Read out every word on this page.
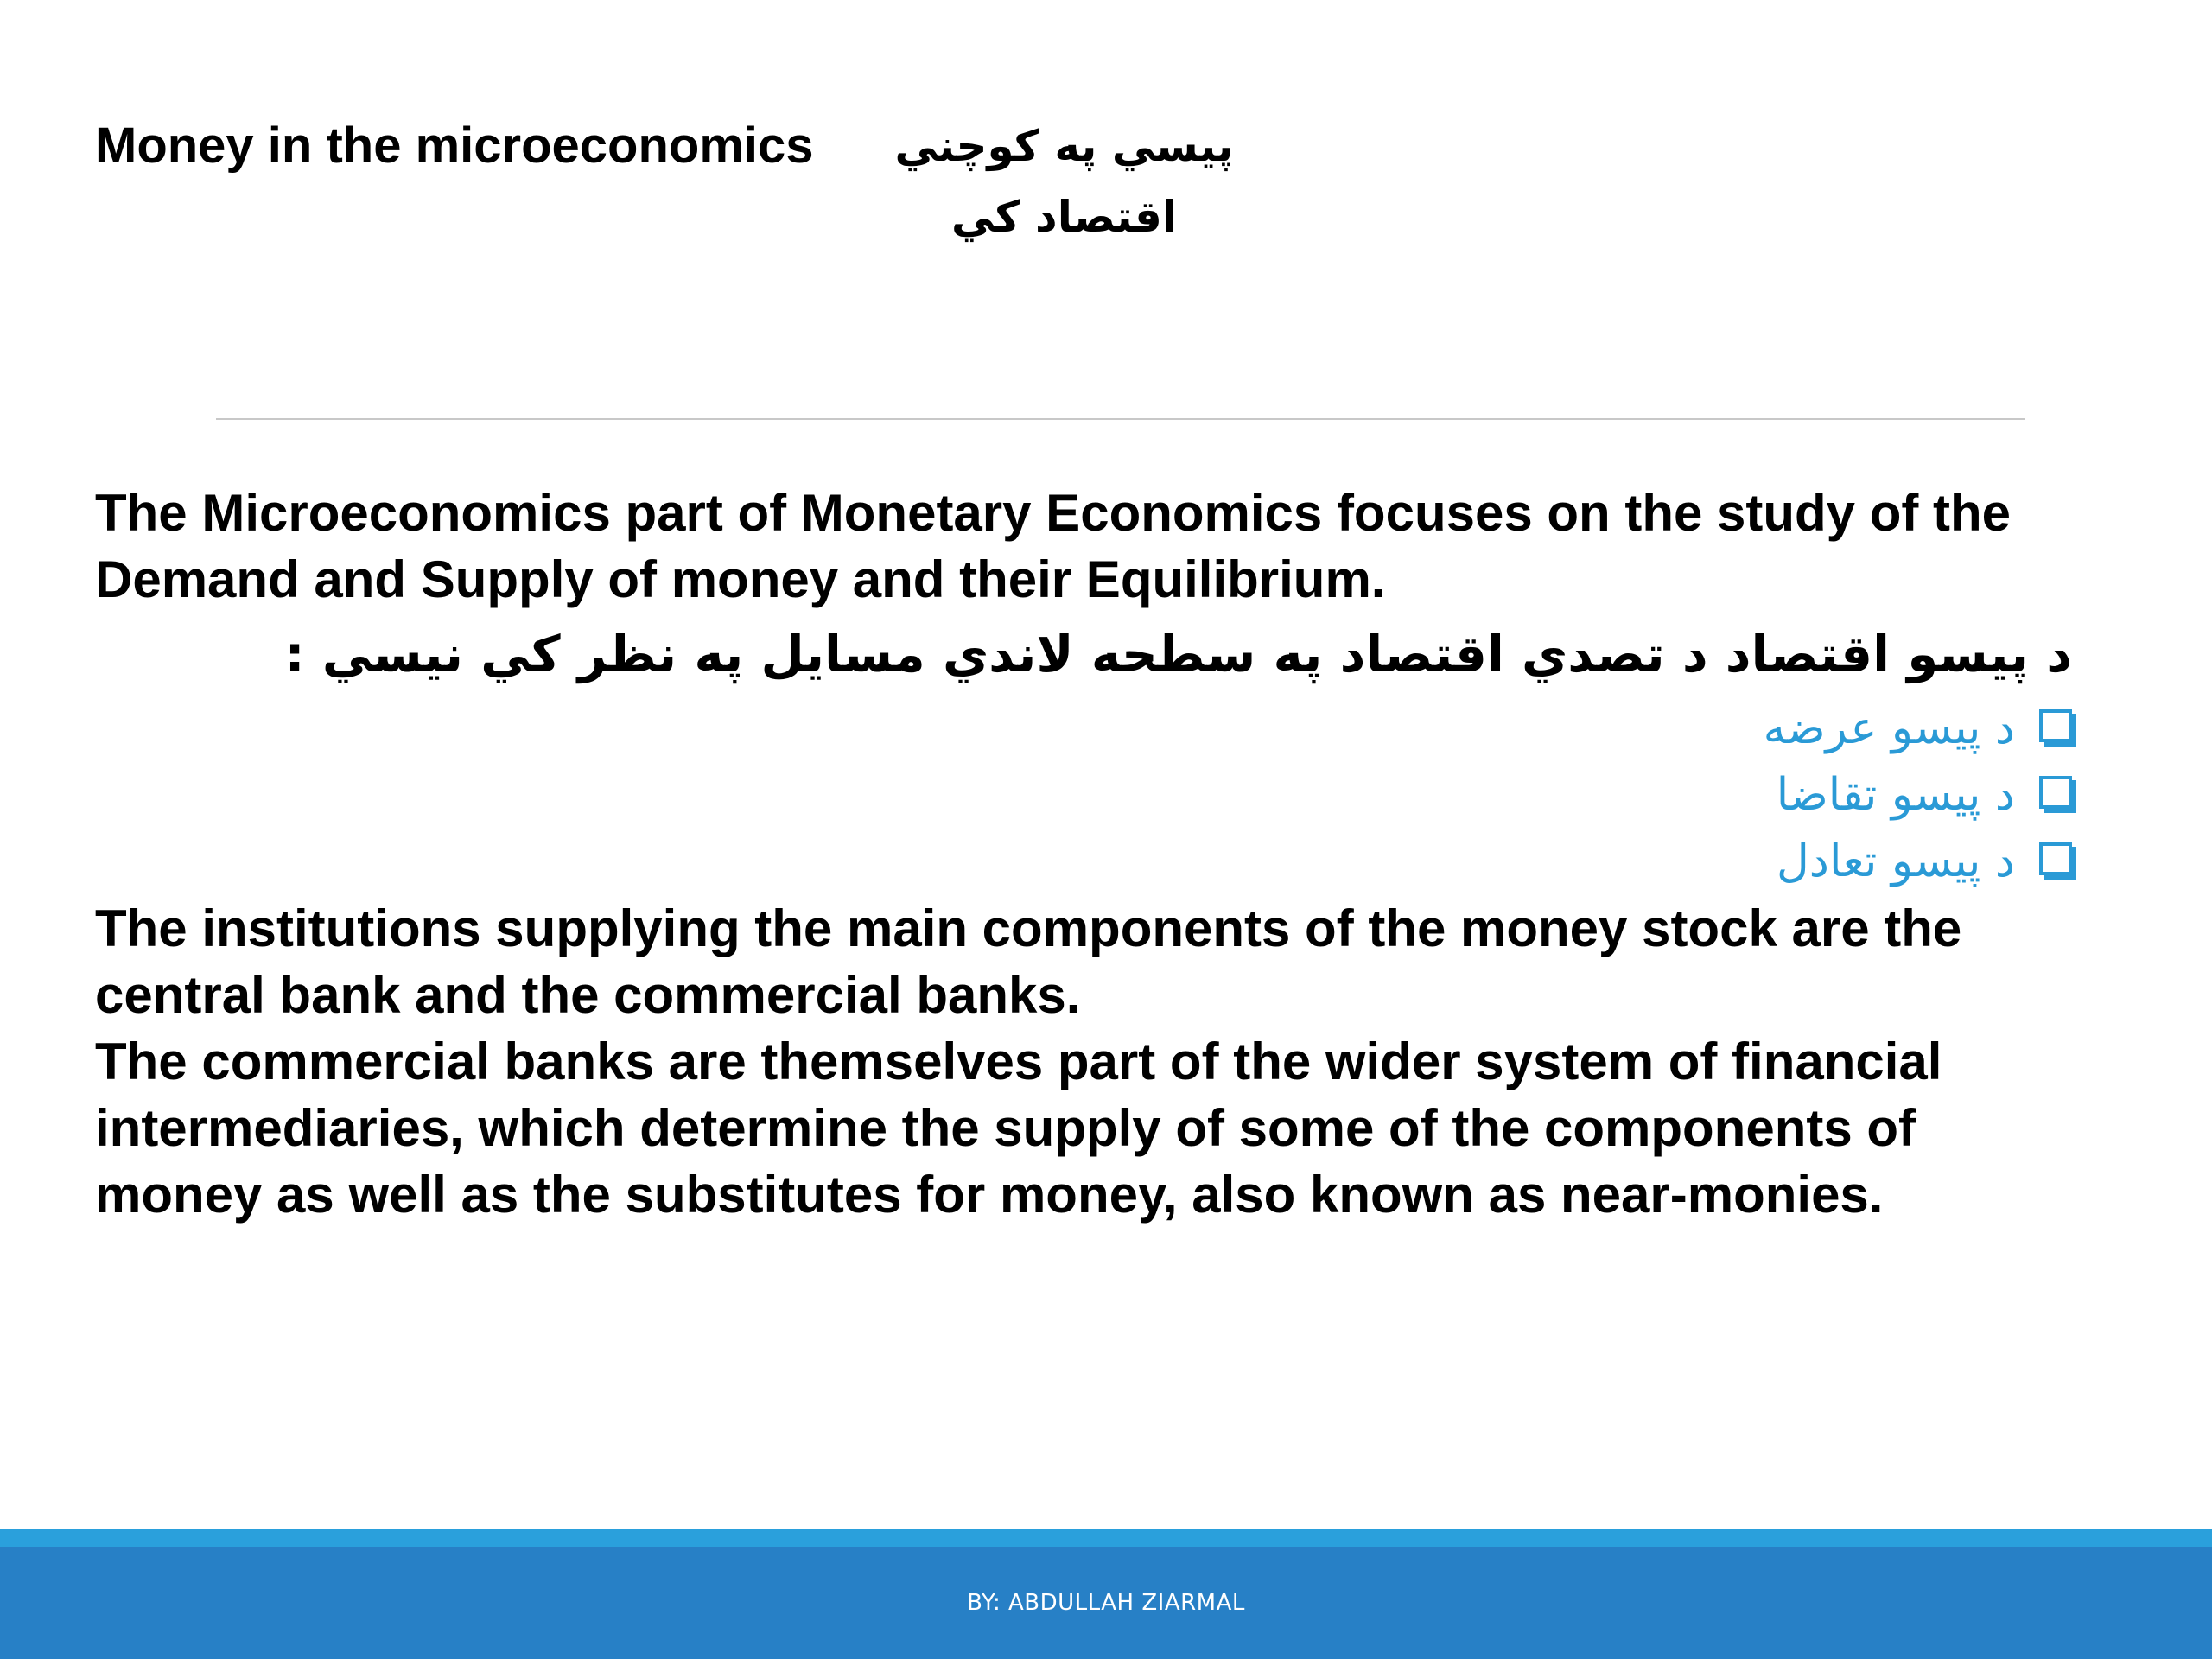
Money in the microeconomics پیسي په کوچني اقتصاد کي

The Microeconomics part of Monetary Economics focuses on the study of the Demand and Supply of money and their Equilibrium.

د پیسو اقتصاد د تصدي اقتصاد په سطحه لاندي مسایل په نظر کي نیسي :

د پیسو عرضه
د پیسو تقاضا
د پیسو تعادل

The institutions supplying the main components of the money stock are the central bank and the commercial banks.

The commercial banks are themselves part of the wider system of financial intermediaries, which determine the supply of some of the components of money as well as the substitutes for money, also known as near-monies.

BY: ABDULLAH ZIARMAL
